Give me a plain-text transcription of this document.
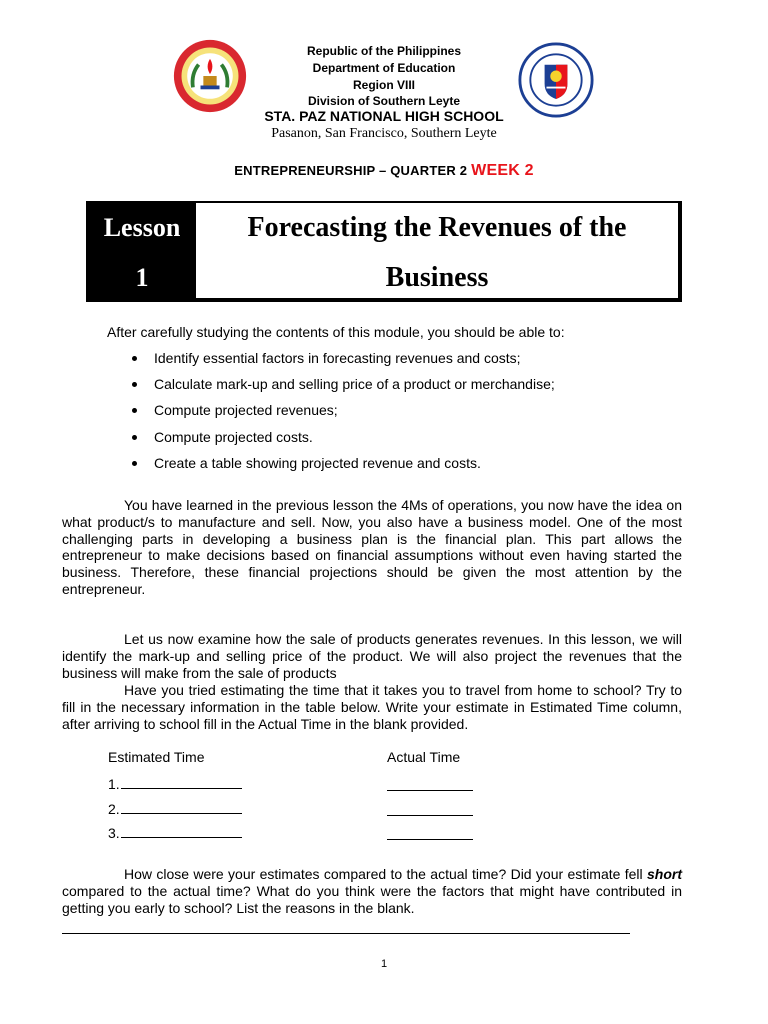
Republic of the Philippines
Department of Education
Region VIII
Division of Southern Leyte
STA. PAZ NATIONAL HIGH SCHOOL
Pasanon, San Francisco, Southern Leyte
ENTREPRENEURSHIP – QUARTER 2 WEEK 2
Lesson
1
Forecasting the Revenues of the
Business
After carefully studying the contents of this module, you should be able to:
Identify essential factors in forecasting revenues and costs;
Calculate mark-up and selling price of a product or merchandise;
Compute projected revenues;
Compute projected costs.
Create a table showing projected revenue and costs.

You have learned in the previous lesson the 4Ms of operations, you now have the idea on what product/s to manufacture and sell. Now, you also have a business model. One of the most challenging parts in developing a business plan is the financial plan. This part allows the entrepreneur to make decisions based on financial assumptions without even having started the business. Therefore, these financial projections should be given the most attention by the entrepreneur.

Let us now examine how the sale of products generates revenues. In this lesson, we will identify the mark-up and selling price of the product. We will also project the revenues that the business will make from the sale of products

Have you tried estimating the time that it takes you to travel from home to school? Try to fill in the necessary information in the table below. Write your estimate in Estimated Time column, after arriving to school fill in the Actual Time in the blank provided.

Estimated Time	Actual Time
1.
2.
3.

How close were your estimates compared to the actual time? Did your estimate fell short compared to the actual time? What do you think were the factors that might have contributed in getting you early to school? List the reasons in the blank.

1
